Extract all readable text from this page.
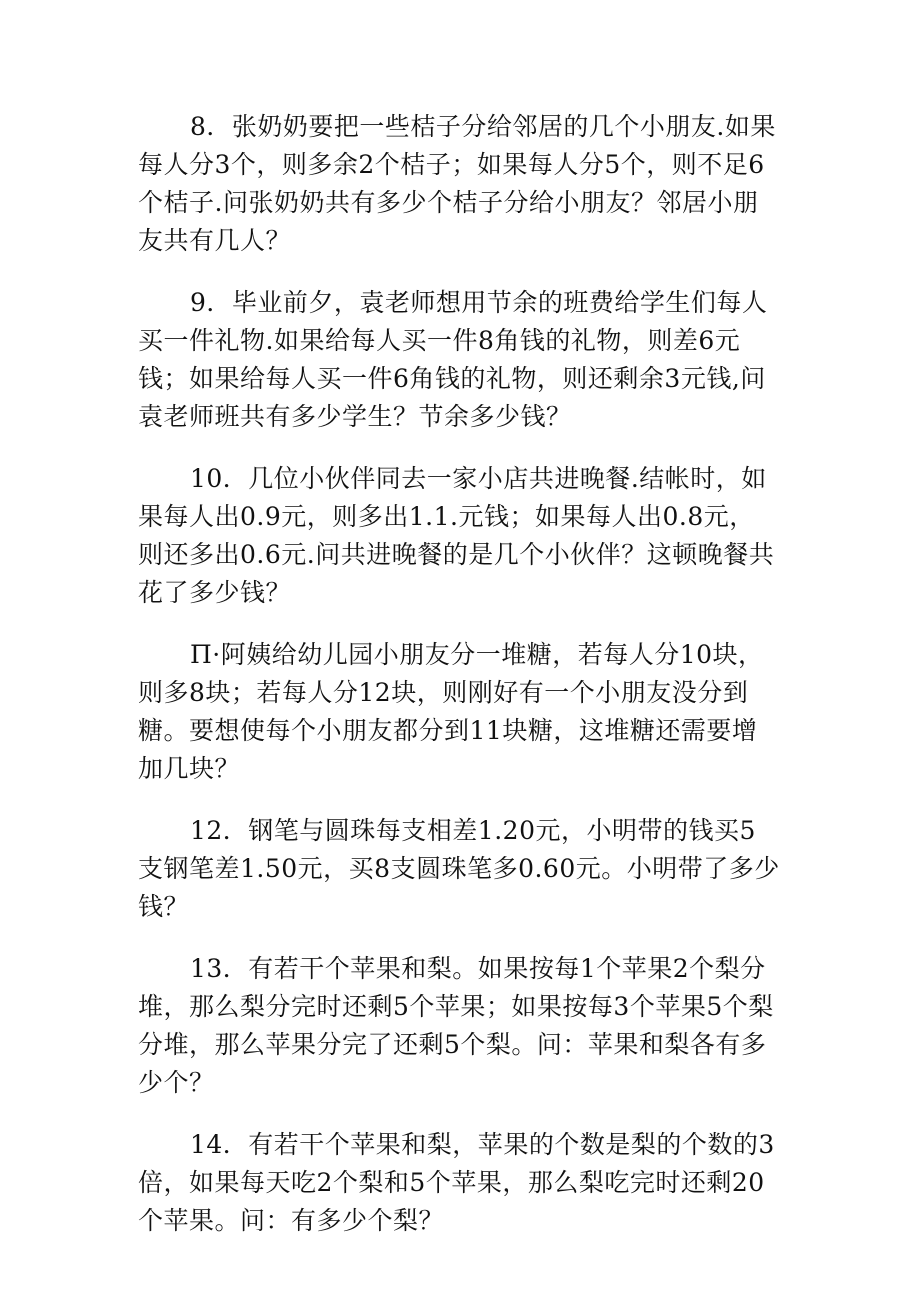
8．张奶奶要把一些桔子分给邻居的几个小朋友.如果每人分3个，则多余2个桔子；如果每人分5个，则不足6个桔子.问张奶奶共有多少个桔子分给小朋友？邻居小朋友共有几人？

9．毕业前夕，袁老师想用节余的班费给学生们每人买一件礼物.如果给每人买一件8角钱的礼物，则差6元钱；如果给每人买一件6角钱的礼物，则还剩余3元钱,问袁老师班共有多少学生？节余多少钱？

10．几位小伙伴同去一家小店共进晚餐.结帐时，如果每人出0.9元，则多出1.1.元钱；如果每人出0.8元，则还多出0.6元.问共进晚餐的是几个小伙伴？这顿晚餐共花了多少钱？

Π·阿姨给幼儿园小朋友分一堆糖，若每人分10块，则多8块；若每人分12块，则刚好有一个小朋友没分到糖。要想使每个小朋友都分到11块糖，这堆糖还需要增加几块？

12．钢笔与圆珠每支相差1.20元，小明带的钱买5支钢笔差1.50元，买8支圆珠笔多0.60元。小明带了多少钱？

13．有若干个苹果和梨。如果按每1个苹果2个梨分堆，那么梨分完时还剩5个苹果；如果按每3个苹果5个梨分堆，那么苹果分完了还剩5个梨。问：苹果和梨各有多少个？

14．有若干个苹果和梨，苹果的个数是梨的个数的3倍，如果每天吃2个梨和5个苹果，那么梨吃完时还剩20个苹果。问：有多少个梨？
